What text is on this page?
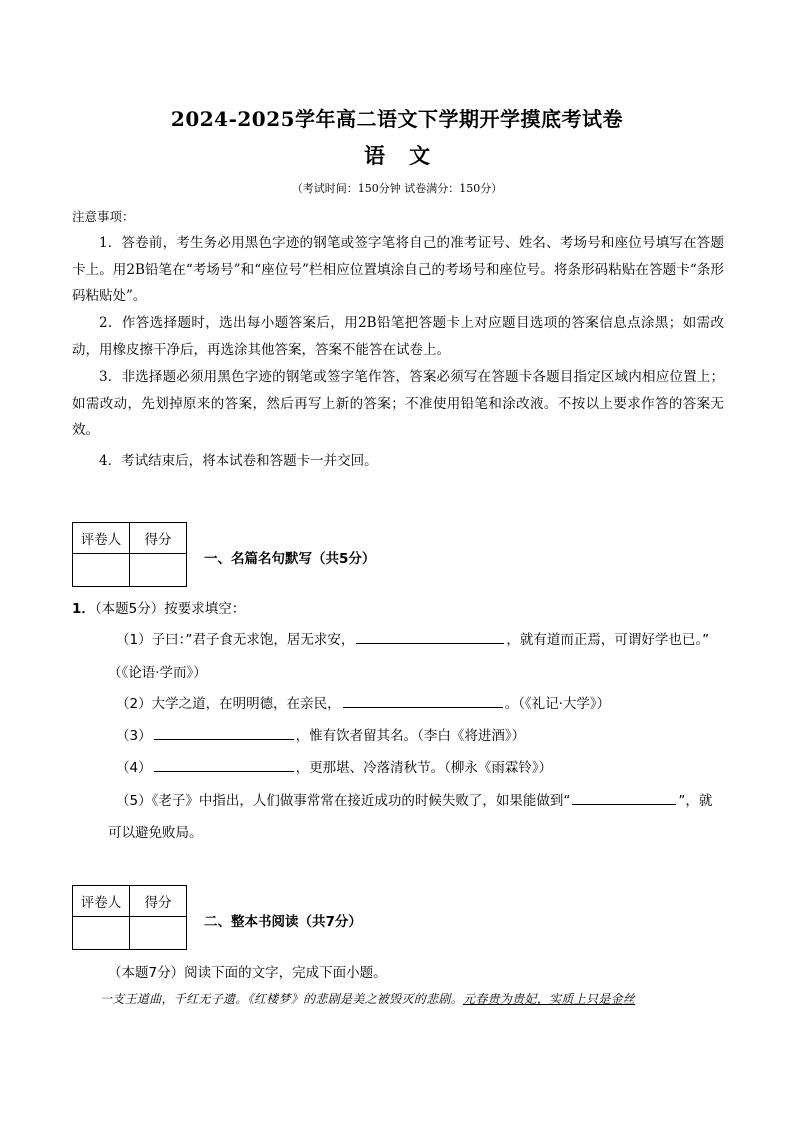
2024-2025学年高二语文下学期开学摸底考试卷
语文
（考试时间：150分钟 试卷满分：150分）
注意事项：
1．答卷前，考生务必用黑色字迹的钢笔或签字笔将自己的准考证号、姓名、考场号和座位号填写在答题卡上。用2B铅笔在“考场号”和“座位号”栏相应位置填涂自己的考场号和座位号。将条形码粘贴在答题卡“条形码粘贴处”。
2．作答选择题时，选出每小题答案后，用2B铅笔把答题卡上对应题目选项的答案信息点涂黑；如需改动，用橡皮擦干净后，再选涂其他答案，答案不能答在试卷上。
3．非选择题必须用黑色字迹的钢笔或签字笔作答，答案必须写在答题卡各题目指定区域内相应位置上；如需改动，先划掉原来的答案，然后再写上新的答案；不准使用铅笔和涂改液。不按以上要求作答的答案无效。
4．考试结束后，将本试卷和答题卡一并交回。
评卷人	得分

一、名篇名句默写（共5分）
1．（本题5分）按要求填空：
（1）子曰：”君子食无求饱，居无求安，	，就有道而正焉，可谓好学也已。”
（《论语·学而》）
（2）大学之道，在明明德，在亲民，	。（《礼记·大学》）
（3）	，惟有饮者留其名。（李白《将进酒》）
（4）	，更那堪、冷落清秋节。（柳永《雨霖铃》）
（5）《老子》中指出，人们做事常常在接近成功的时候失败了，如果能做到“	”，就
可以避免败局。
评卷人	得分

二、整本书阅读（共7分）
（本题7分）阅读下面的文字，完成下面小题。
一支王道曲，千红无子遗。《红楼梦》的悲剧是美之被毁灭的悲剧。元春贵为贵妃，实质上只是金丝
